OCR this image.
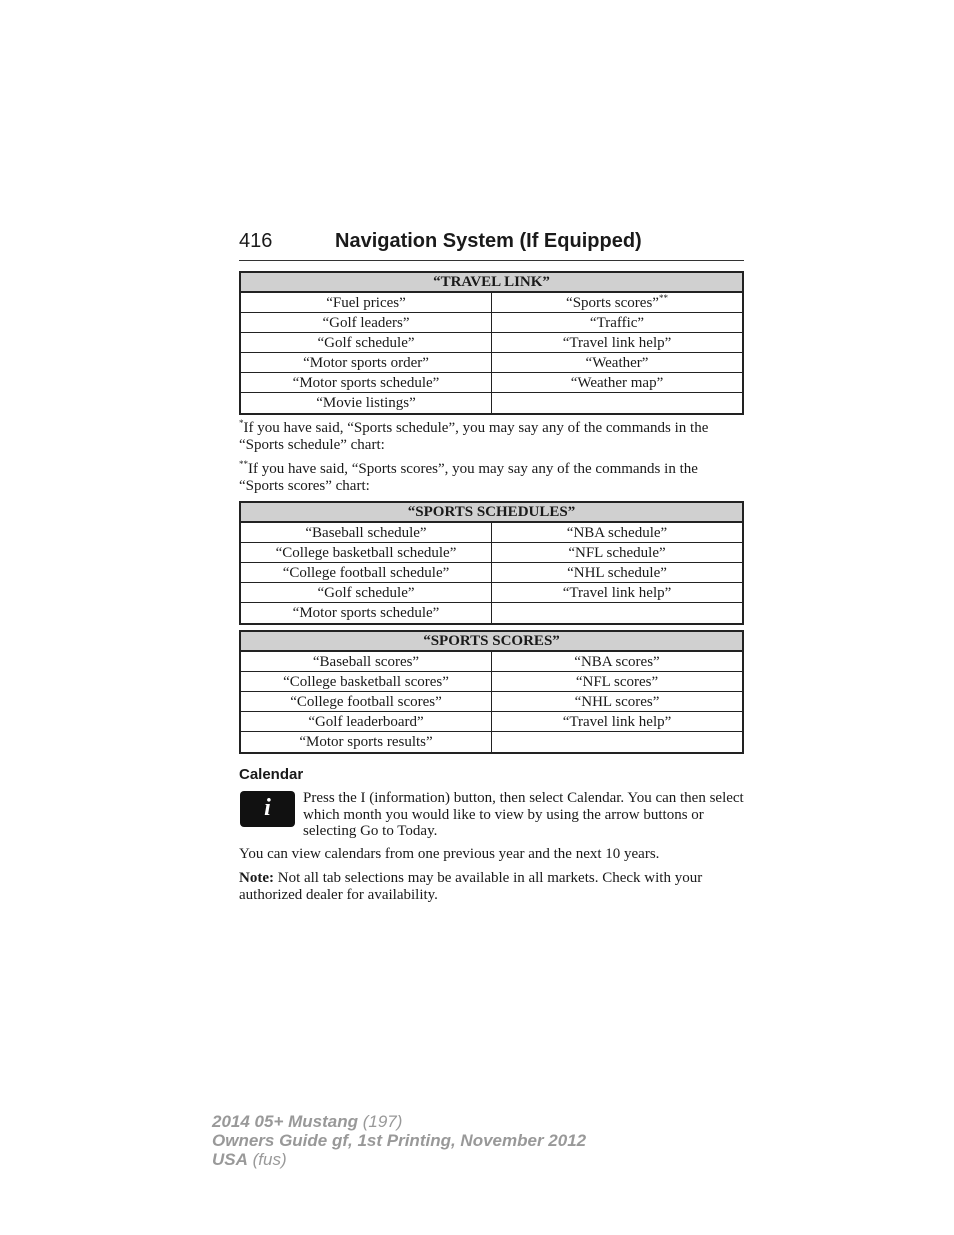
416	Navigation System (If Equipped)
“TRAVEL LINK”	
“Fuel prices”	“Sports scores”**
“Golf leaders”	“Traffic”
“Golf schedule”	“Travel link help”
“Motor sports order”	“Weather”
“Motor sports schedule”	“Weather map”
“Movie listings”	
*If you have said, “Sports schedule”, you may say any of the commands in the “Sports schedule” chart:
**If you have said, “Sports scores”, you may say any of the commands in the “Sports scores” chart:
“SPORTS SCHEDULES”	
“Baseball schedule”	“NBA schedule”
“College basketball schedule”	“NFL schedule”
“College football schedule”	“NHL schedule”
“Golf schedule”	“Travel link help”
“Motor sports schedule”	
“SPORTS SCORES”	
“Baseball scores”	“NBA scores”
“College basketball scores”	“NFL scores”
“College football scores”	“NHL scores”
“Golf leaderboard”	“Travel link help”
“Motor sports results”	
Calendar
i	Press the I (information) button, then select Calendar. You can then select which month you would like to view by using the arrow buttons or selecting Go to Today.
You can view calendars from one previous year and the next 10 years.
Note: Not all tab selections may be available in all markets. Check with your authorized dealer for availability.
2014 05+ Mustang (197)
Owners Guide gf, 1st Printing, November 2012
USA (fus)
